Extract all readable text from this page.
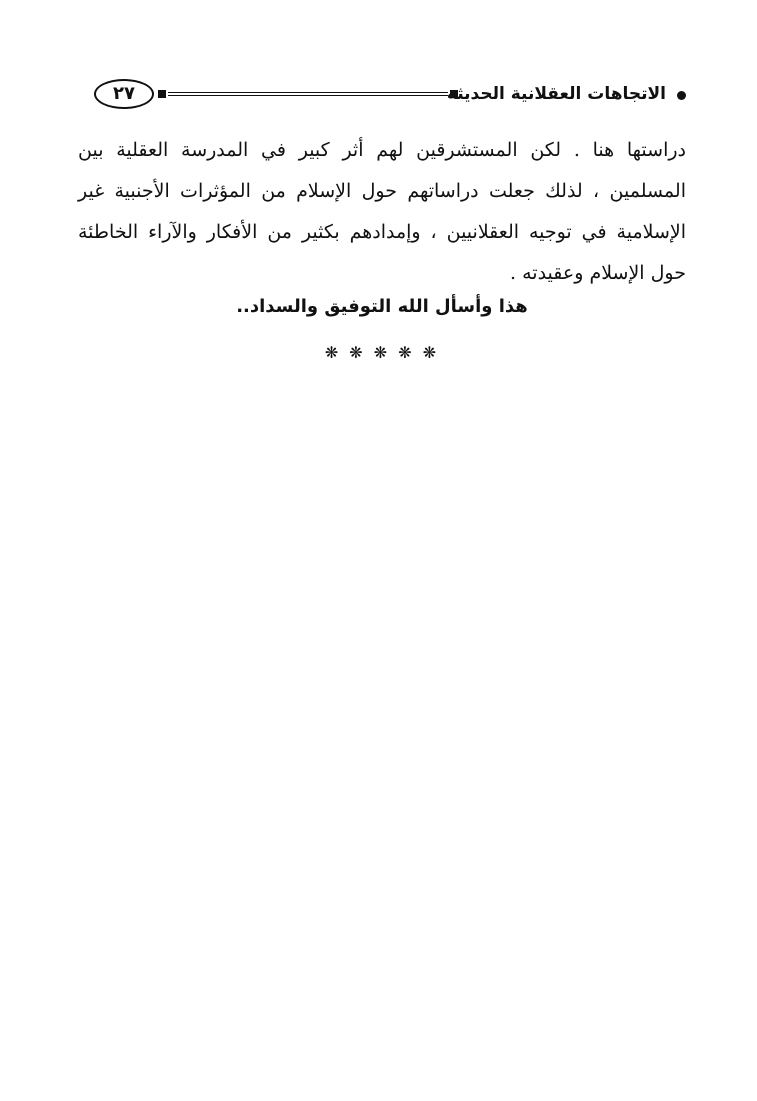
٢٧	الاتجاهات العقلانية الحديثة

دراستها هنا . لكن المستشرقين لهم أثر كبير في المدرسة العقلية بين المسلمين ، لذلك جعلت دراساتهم حول الإسلام من المؤثرات الأجنبية غير الإسلامية في توجيه العقلانيين ، وإمدادهم بكثير من الأفكار والآراء الخاطئة حول الإسلام وعقيدته .

هذا وأسأل الله التوفيق والسداد..
❋ ❋ ❋ ❋ ❋
